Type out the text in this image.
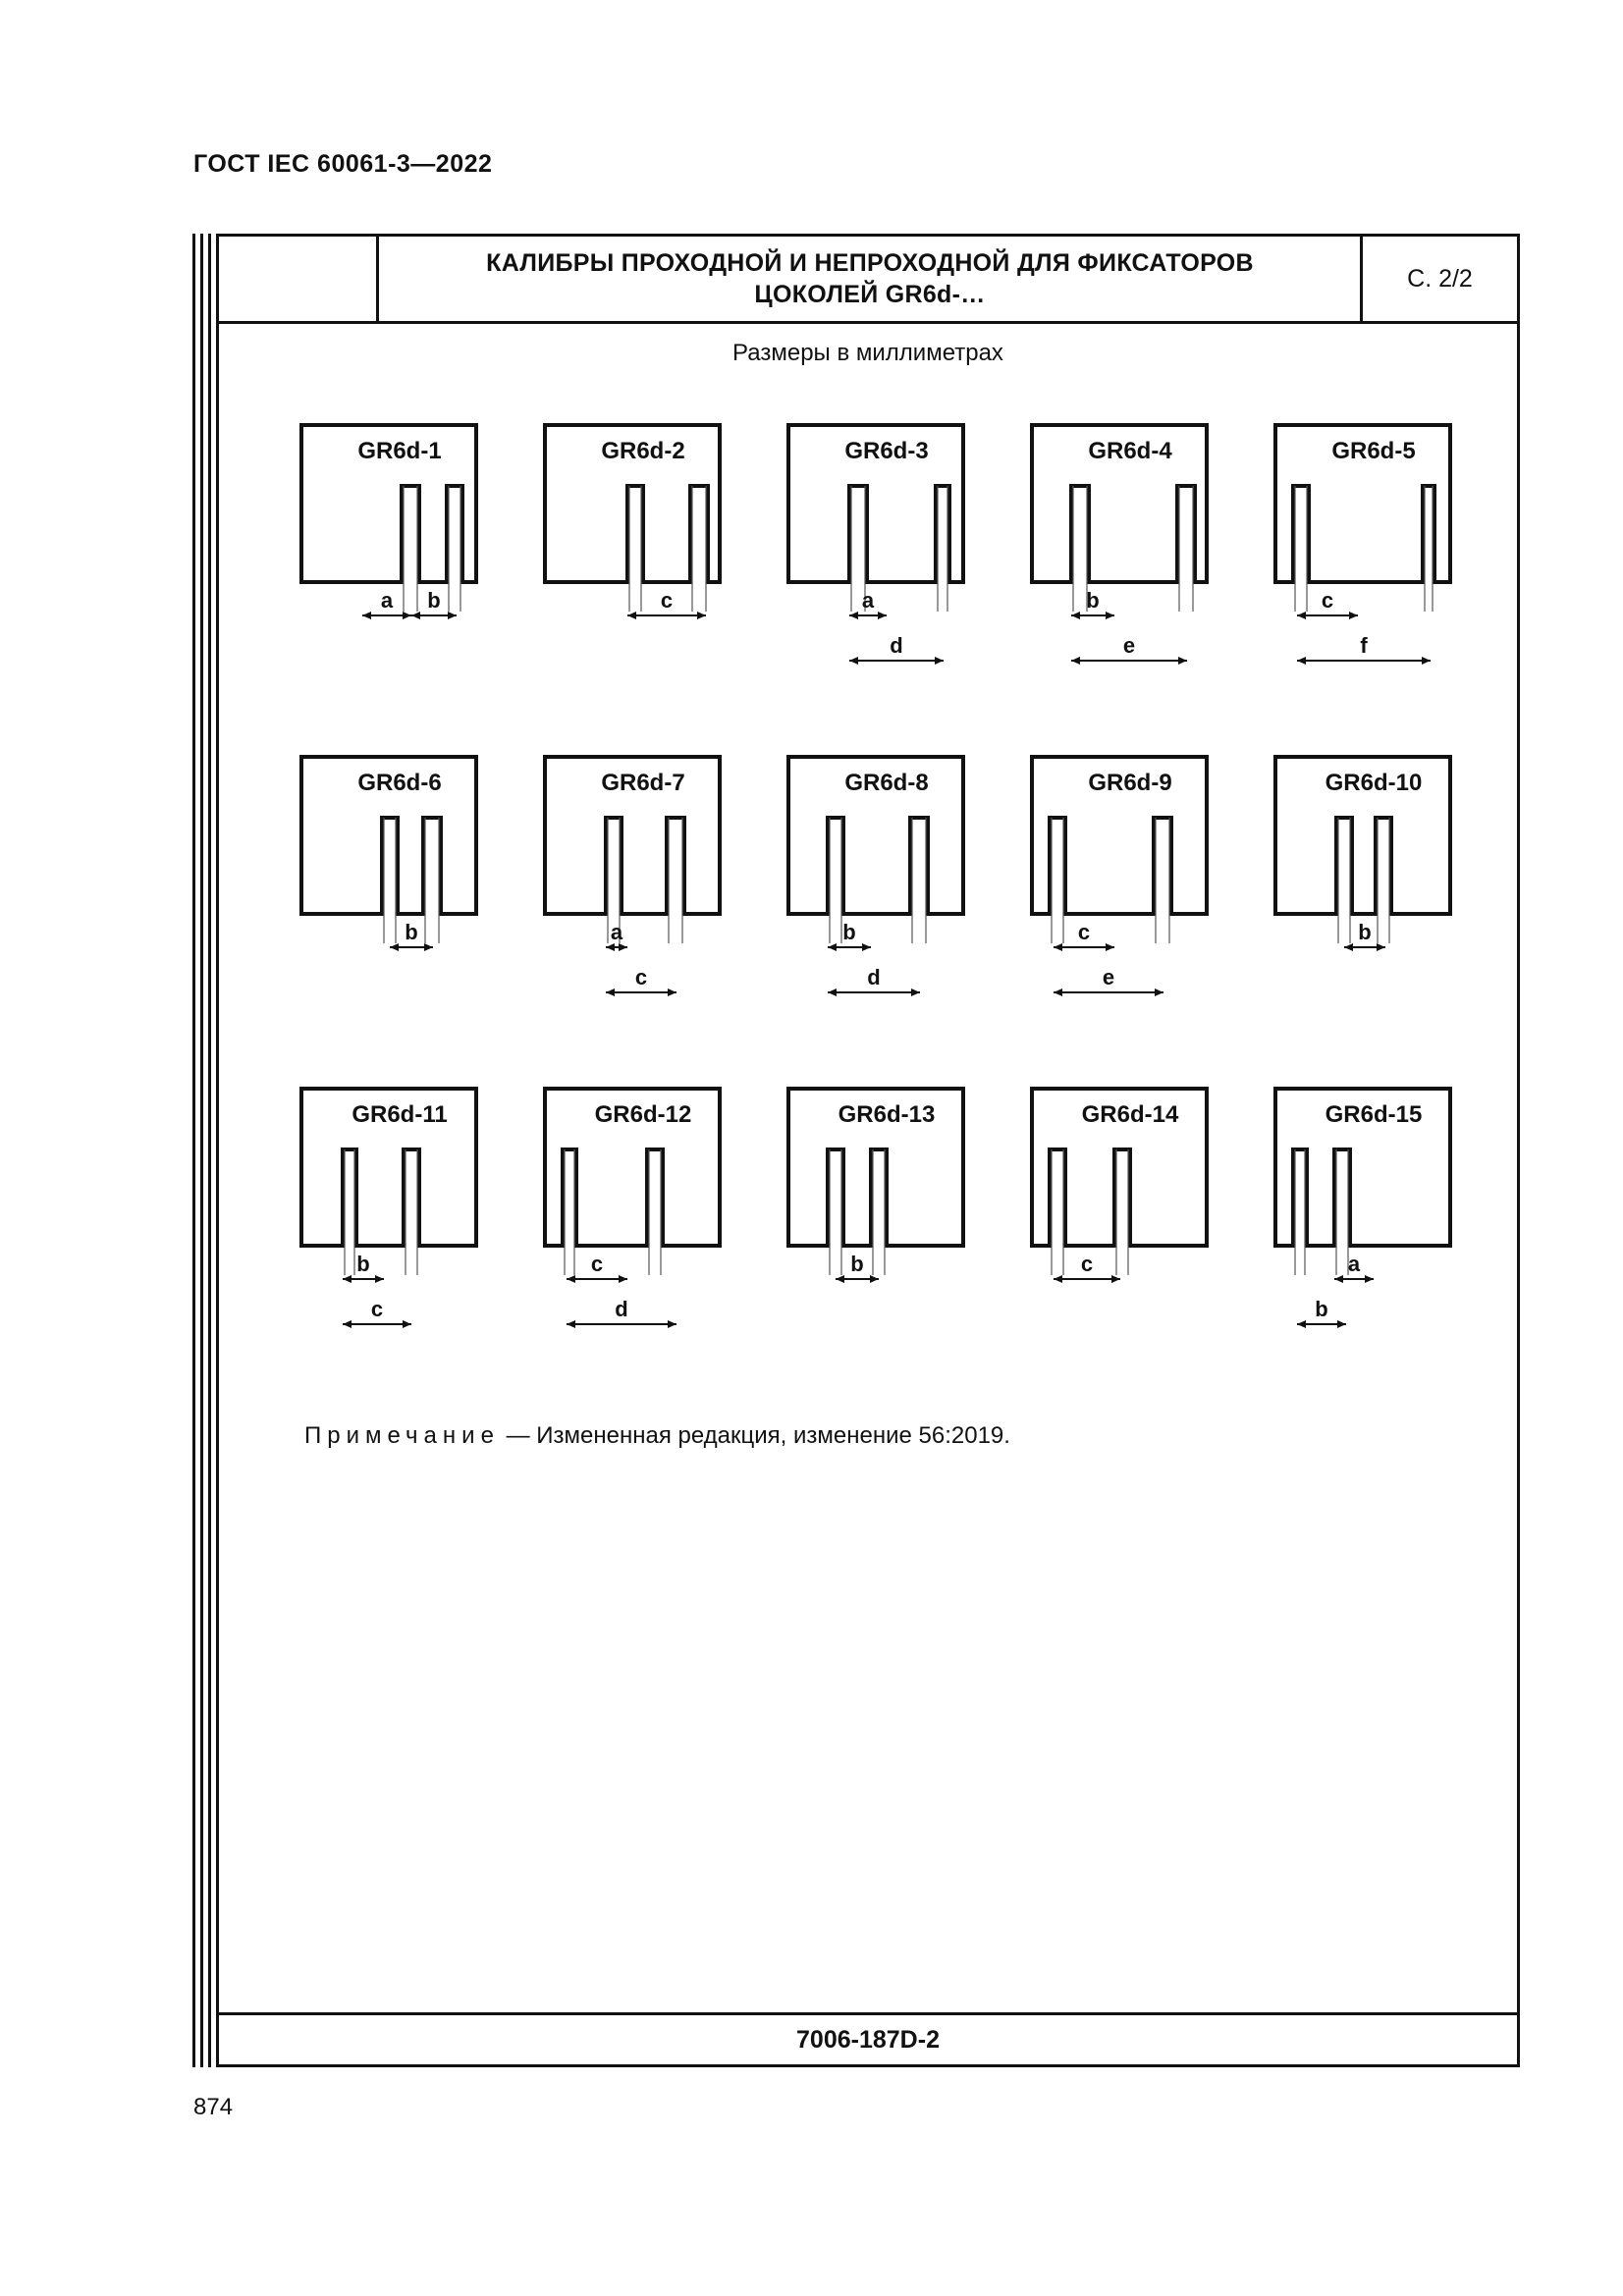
ГОСТ IEC 60061-3—2022
КАЛИБРЫ ПРОХОДНОЙ И НЕПРОХОДНОЙ ДЛЯ ФИКСАТОРОВ
ЦОКОЛЕЙ GR6d-…
С. 2/2
Размеры в миллиметрах
GR6d-1
a b
GR6d-2
c
GR6d-3
a
d
GR6d-4
b
e
GR6d-5
c
f
GR6d-6
b
GR6d-7
a
c
GR6d-8
b
d
GR6d-9
c
e
GR6d-10
b
GR6d-11
b
c
GR6d-12
c
d
GR6d-13
b
GR6d-14
c
GR6d-15
a
b
Примечание — Измененная редакция, изменение 56:2019.
7006-187D-2
874
